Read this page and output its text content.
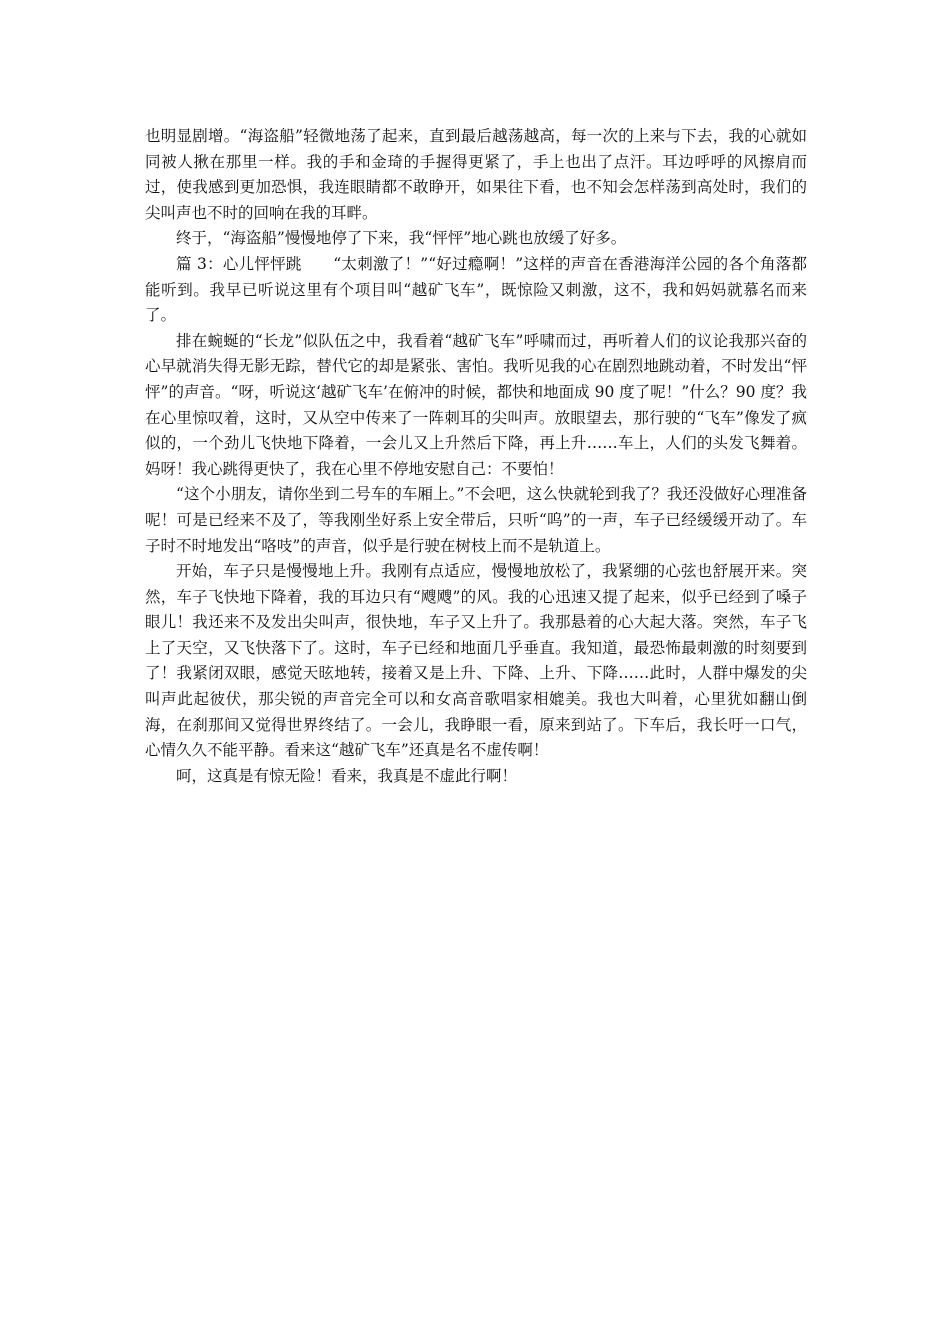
也明显剧增。“海盗船”轻微地荡了起来，直到最后越荡越高，每一次的上来与下去，我的心就如同被人揪在那里一样。我的手和金琦的手握得更紧了，手上也出了点汗。耳边呼呼的风擦肩而过，使我感到更加恐惧，我连眼睛都不敢睁开，如果往下看，也不知会怎样荡到高处时，我们的尖叫声也不时的回响在我的耳畔。

终于，“海盗船”慢慢地停了下来，我“怦怦”地心跳也放缓了好多。

篇 3：心儿怦怦跳　　“太刺激了！”“好过瘾啊！”这样的声音在香港海洋公园的各个角落都能听到。我早已听说这里有个项目叫“越矿飞车”，既惊险又刺激，这不，我和妈妈就慕名而来了。

排在蜿蜒的“长龙”似队伍之中，我看着“越矿飞车”呼啸而过，再听着人们的议论我那兴奋的心早就消失得无影无踪，替代它的却是紧张、害怕。我听见我的心在剧烈地跳动着，不时发出“怦怦”的声音。“呀，听说这‘越矿飞车’在俯冲的时候，都快和地面成 90 度了呢！”什么？90 度？我在心里惊叹着，这时，又从空中传来了一阵刺耳的尖叫声。放眼望去，那行驶的“飞车”像发了疯似的，一个劲儿飞快地下降着，一会儿又上升然后下降，再上升……车上，人们的头发飞舞着。妈呀！我心跳得更快了，我在心里不停地安慰自己：不要怕！

“这个小朋友，请你坐到二号车的车厢上。”不会吧，这么快就轮到我了？我还没做好心理准备呢！可是已经来不及了，等我刚坐好系上安全带后，只听“呜”的一声，车子已经缓缓开动了。车子时不时地发出“咯吱”的声音，似乎是行驶在树枝上而不是轨道上。

开始，车子只是慢慢地上升。我刚有点适应，慢慢地放松了，我紧绷的心弦也舒展开来。突然，车子飞快地下降着，我的耳边只有“飕飕”的风。我的心迅速又提了起来，似乎已经到了嗓子眼儿！我还来不及发出尖叫声，很快地，车子又上升了。我那悬着的心大起大落。突然，车子飞上了天空，又飞快落下了。这时，车子已经和地面几乎垂直。我知道，最恐怖最刺激的时刻要到了！我紧闭双眼，感觉天昡地转，接着又是上升、下降、上升、下降……此时，人群中爆发的尖叫声此起彼伏，那尖锐的声音完全可以和女高音歌唱家相媲美。我也大叫着，心里犹如翻山倒海，在刹那间又觉得世界终结了。一会儿，我睁眼一看，原来到站了。下车后，我长吁一口气，心情久久不能平静。看来这“越矿飞车”还真是名不虚传啊！

呵，这真是有惊无险！看来，我真是不虚此行啊！
